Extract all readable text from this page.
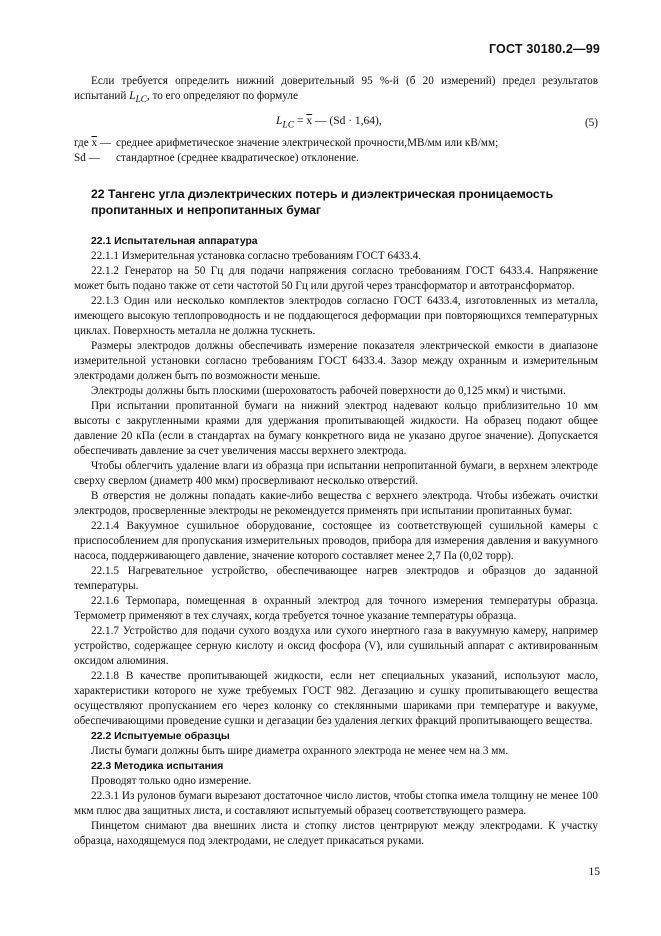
ГОСТ 30180.2—99

Если требуется определить нижний доверительный 95 %-й (б 20 измерений) предел результатов испытаний $L_{LC}$, то его определяют по формуле

$L_{LC} = \overline{x}$ — (Sd · 1,64),	(5)
где $\overline{x}$ — среднее арифметическое значение электрической прочности,МВ/мм или кВ/мм;
Sd —	стандартное (среднее квадратическое) отклонение.
22 Тангенс угла диэлектрических потерь и диэлектрическая проницаемость пропитанных и непропитанных бумаг
22.1 Испытательная аппаратура

22.1.1 Измерительная установка согласно требованиям ГОСТ 6433.4.

22.1.2 Генератор на 50 Гц для подачи напряжения согласно требованиям ГОСТ 6433.4. Напряжение может быть подано также от сети частотой 50 Гц или другой через трансформатор и автотрансформатор.

22.1.3 Один или несколько комплектов электродов согласно ГОСТ 6433.4, изготовленных из металла, имеющего высокую теплопроводность и не поддающегося деформации при повторяющихся температурных циклах. Поверхность металла не должна тускнеть.

Размеры электродов должны обеспечивать измерение показателя электрической емкости в диапазоне измерительной установки согласно требованиям ГОСТ 6433.4. Зазор между охранным и измерительным электродами должен быть по возможности меньше.

Электроды должны быть плоскими (шероховатость рабочей поверхности до 0,125 мкм) и чистыми.

При испытании пропитанной бумаги на нижний электрод надевают кольцо приблизительно 10 мм высоты с закругленными краями для удержания пропитывающей жидкости. На образец подают общее давление 20 кПа (если в стандартах на бумагу конкретного вида не указано другое значение). Допускается обеспечивать давление за счет увеличения массы верхнего электрода.

Чтобы облегчить удаление влаги из образца при испытании непропитанной бумаги, в верхнем электроде сверху сверлом (диаметр 400 мкм) просверливают несколько отверстий.

В отверстия не должны попадать какие-либо вещества с верхнего электрода. Чтобы избежать очистки электродов, просверленные электроды не рекомендуется применять при испытании пропитанных бумаг.

22.1.4 Вакуумное сушильное оборудование, состоящее из соответствующей сушильной камеры с приспособлением для пропускания измерительных проводов, прибора для измерения давления и вакуумного насоса, поддерживающего давление, значение которого составляет менее 2,7 Па (0,02 торр).

22.1.5 Нагревательное устройство, обеспечивающее нагрев электродов и образцов до заданной температуры.

22.1.6 Термопара, помещенная в охранный электрод для точного измерения температуры образца. Термометр применяют в тех случаях, когда требуется точное указание температуры образца.

22.1.7 Устройство для подачи сухого воздуха или сухого инертного газа в вакуумную камеру, например устройство, содержащее серную кислоту и оксид фосфора (V), или сушильный аппарат с активированным оксидом алюминия.

22.1.8 В качестве пропитывающей жидкости, если нет специальных указаний, используют масло, характеристики которого не хуже требуемых ГОСТ 982. Дегазацию и сушку пропитывающего вещества осуществляют пропусканием его через колонку со стеклянными шариками при температуре и вакууме, обеспечивающими проведение сушки и дегазации без удаления легких фракций пропитывающего вещества.

22.2 Испытуемые образцы

Листы бумаги должны быть шире диаметра охранного электрода не менее чем на 3 мм.

22.3 Методика испытания

Проводят только одно измерение.

22.3.1 Из рулонов бумаги вырезают достаточное число листов, чтобы стопка имела толщину не менее 100 мкм плюс два защитных листа, и составляют испытуемый образец соответствующего размера.

Пинцетом снимают два внешних листа и стопку листов центрируют между электродами. К участку образца, находящемуся под электродами, не следует прикасаться руками.

15
